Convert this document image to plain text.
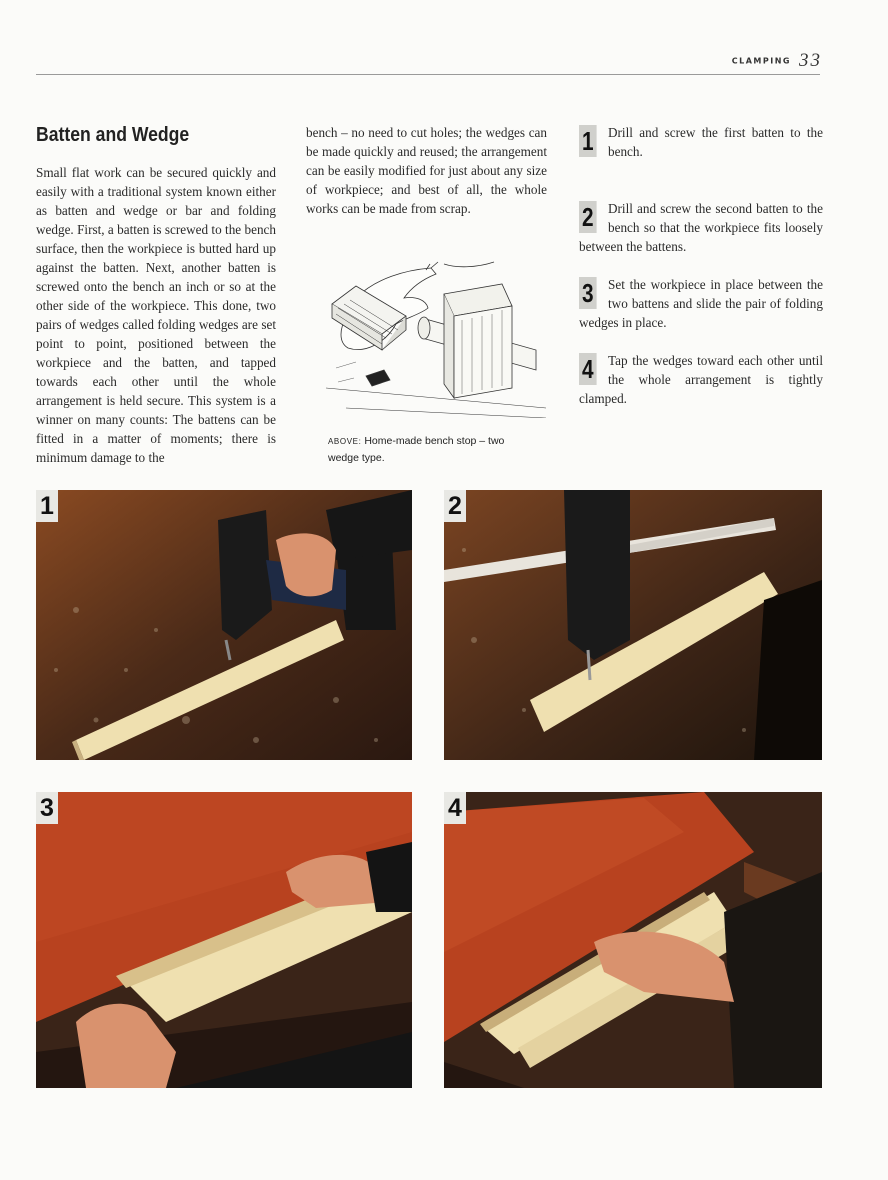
CLAMPING 33
Batten and Wedge

Small flat work can be secured quickly and easily with a traditional system known either as batten and wedge or bar and folding wedge. First, a batten is screwed to the bench surface, then the workpiece is butted hard up against the batten. Next, another batten is screwed onto the bench an inch or so at the other side of the workpiece. This done, two pairs of wedges called folding wedges are set point to point, positioned between the workpiece and the batten, and tapped towards each other until the whole arrangement is held secure. This system is a winner on many counts: The battens can be fitted in a matter of moments; there is minimum damage to the

bench – no need to cut holes; the wedges can be made quickly and reused; the arrangement can be easily modified for just about any size of workpiece; and best of all, the whole works can be made from scrap.

ABOVE: Home-made bench stop – two wedge type.
1 Drill and screw the first batten to the bench.
2 Drill and screw the second batten to the bench so that the workpiece fits loosely between the battens.
3 Set the workpiece in place between the two battens and slide the pair of folding wedges in place.
4 Tap the wedges toward each other until the whole arrangement is tightly clamped.
1	2
3	4
